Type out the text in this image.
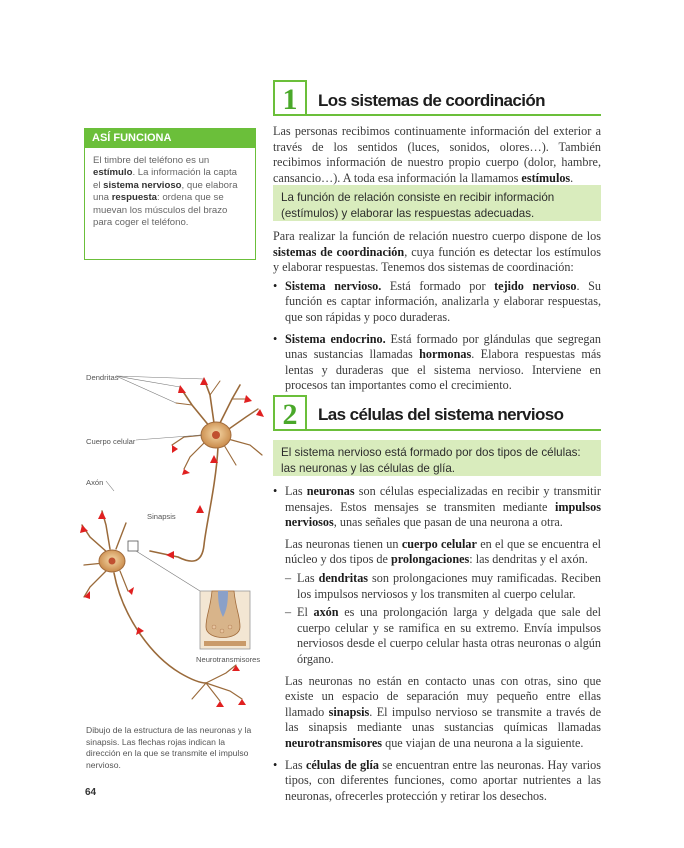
1	Los sistemas de coordinación

Las personas recibimos continuamente información del exterior a través de los sentidos (luces, sonidos, olores…). También recibimos información de nuestro propio cuerpo (dolor, hambre, cansancio…). A toda esa información la llamamos estímulos.

La función de relación consiste en recibir información (estímulos) y elaborar las respuestas adecuadas.

Para realizar la función de relación nuestro cuerpo dispone de los sistemas de coordinación, cuya función es detectar los estímulos y elaborar respuestas. Tenemos dos sistemas de coordinación:

• Sistema nervioso. Está formado por tejido nervioso. Su función es captar información, analizarla y elaborar respuestas, que son rápidas y poco duraderas.

• Sistema endocrino. Está formado por glándulas que segregan unas sustancias llamadas hormonas. Elabora respuestas más lentas y duraderas que el sistema nervioso. Interviene en procesos tan importantes como el crecimiento.

2	Las células del sistema nervioso
El sistema nervioso está formado por dos tipos de células: las neuronas y las células de glía.

• Las neuronas son células especializadas en recibir y transmitir mensajes. Estos mensajes se transmiten mediante impulsos nerviosos, unas señales que pasan de una neurona a otra.

Las neuronas tienen un cuerpo celular en el que se encuentra el núcleo y dos tipos de prolongaciones: las dendritas y el axón.

– Las dendritas son prolongaciones muy ramificadas. Reciben los impulsos nerviosos y los transmiten al cuerpo celular.

– El axón es una prolongación larga y delgada que sale del cuerpo celular y se ramifica en su extremo. Envía impulsos nerviosos desde el cuerpo celular hasta otras neuronas o algún órgano.

Las neuronas no están en contacto unas con otras, sino que existe un espacio de separación muy pequeño entre ellas llamado sinapsis. El impulso nervioso se transmite a través de las sinapsis mediante unas sustancias químicas llamadas neurotransmisores que viajan de una neurona a la siguiente.

• Las células de glía se encuentran entre las neuronas. Hay varios tipos, con diferentes funciones, como aportar nutrientes a las neuronas, ofrecerles protección y retirar los desechos.

ASÍ FUNCIONA
El timbre del teléfono es un estímulo. La información la capta el sistema nervioso, que elabora una respuesta: ordena que se muevan los músculos del brazo para coger el teléfono.
Dendritas
Cuerpo celular
Axón
Sinapsis
Neurotransmisores
Dibujo de la estructura de las neuronas y la sinapsis. Las flechas rojas indican la dirección en la que se transmite el impulso nervioso.
64
